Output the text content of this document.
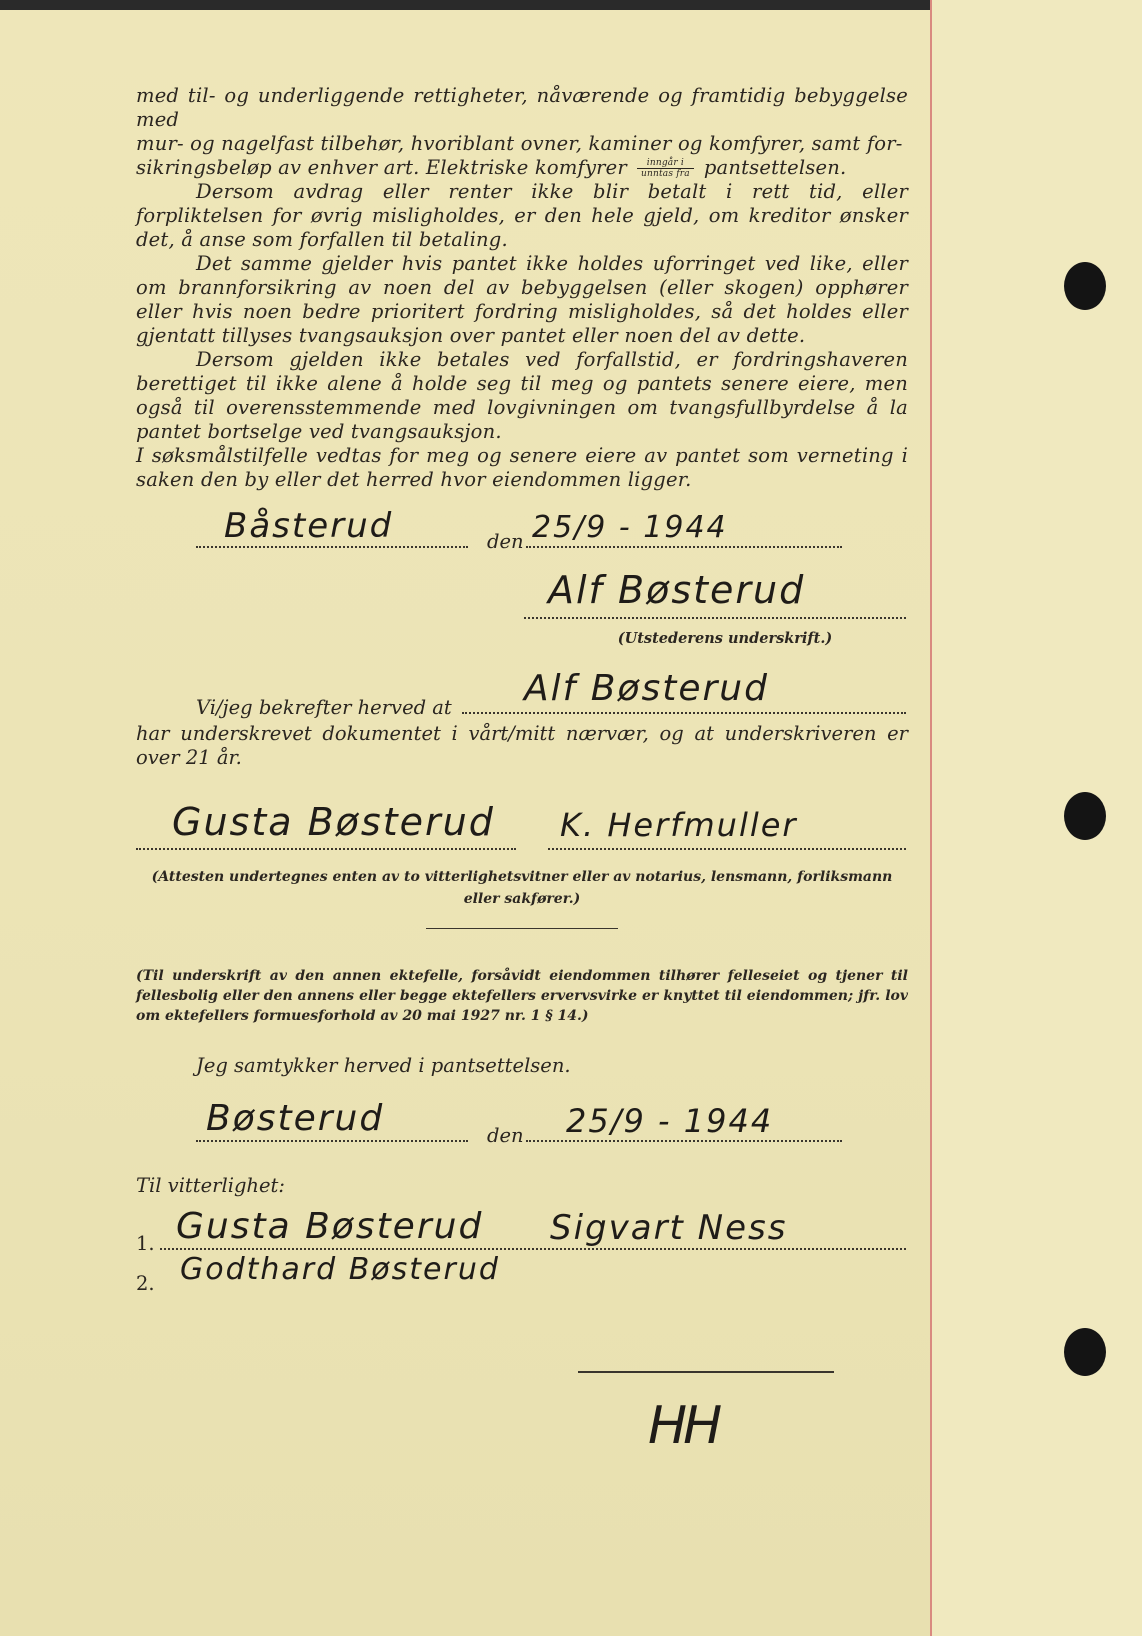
med til- og underliggende rettigheter, nåværende og framtidig bebyggelse med

mur- og nagelfast tilbehør, hvoriblant ovner, kaminer og komfyrer, samt for-

sikringsbeløp av enhver art. Elektriske komfyrer $\frac{\text{inngår i}}{\text{unntas fra}}$ pantsettelsen.

Dersom avdrag eller renter ikke blir betalt i rett tid, eller forpliktelsen for øvrig misligholdes, er den hele gjeld, om kreditor ønsker det, å anse som forfallen til betaling.

Det samme gjelder hvis pantet ikke holdes uforringet ved like, eller om brannforsikring av noen del av bebyggelsen (eller skogen) opphører eller hvis noen bedre prioritert fordring misligholdes, så det holdes eller gjentatt tillyses tvangsauksjon over pantet eller noen del av dette.

Dersom gjelden ikke betales ved forfallstid, er fordringshaveren berettiget til ikke alene å holde seg til meg og pantets senere eiere, men også til overensstemmende med lovgivningen om tvangsfullbyrdelse å la pantet bortselge ved tvangsauksjon.

I søksmålstilfelle vedtas for meg og senere eiere av pantet som verneting i saken den by eller det herred hvor eiendommen ligger.

Båsterud	den 25/9 - 1944
Alf Bøsterud
(Utstederens underskrift.)
Vi/jeg bekrefter herved at Alf Bøsterud
har underskrevet dokumentet i vårt/mitt nærvær, og at underskriveren er
over 21 år.
Gusta Bøsterud K. Herfmuller
(Attesten undertegnes enten av to vitterlighetsvitner eller av notarius, lensmann, forliksmann eller sakfører.)
(Til underskrift av den annen ektefelle, forsåvidt eiendommen tilhører felleseiet og tjener til fellesbolig eller den annens eller begge ektefellers ervervsvirke er knyttet til eiendommen; jfr. lov om ektefellers formuesforhold av 20 mai 1927 nr. 1 § 14.)
Jeg samtykker herved i pantsettelsen.
Bøsterud	den 25/9 - 1944
Til vitterlighet:
1. Gusta Bøsterud Sigvart Ness
2. Godthard Bøsterud
HH
